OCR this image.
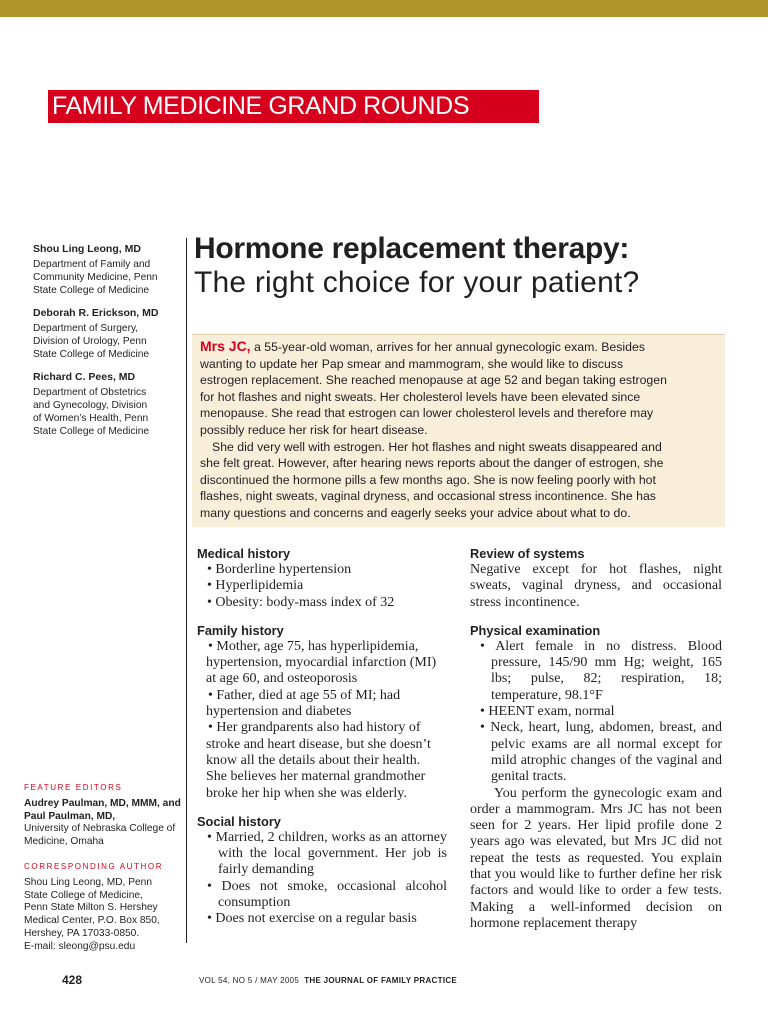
FAMILY MEDICINE GRAND ROUNDS
Shou Ling Leong, MD
Department of Family and
Community Medicine, Penn
State College of Medicine
Deborah R. Erickson, MD
Department of Surgery,
Division of Urology, Penn
State College of Medicine
Richard C. Pees, MD
Department of Obstetrics
and Gynecology, Division
of Women’s Health, Penn
State College of Medicine
Hormone replacement therapy:
The right choice for your patient?

Mrs JC, a 55-year-old woman, arrives for her annual gynecologic exam. Besides
wanting to update her Pap smear and mammogram, she would like to discuss
estrogen replacement. She reached menopause at age 52 and began taking estrogen
for hot flashes and night sweats. Her cholesterol levels have been elevated since
menopause. She read that estrogen can lower cholesterol levels and therefore may
possibly reduce her risk for heart disease.

She did very well with estrogen. Her hot flashes and night sweats disappeared and
she felt great. However, after hearing news reports about the danger of estrogen, she
discontinued the hormone pills a few months ago. She is now feeling poorly with hot
flashes, night sweats, vaginal dryness, and occasional stress incontinence. She has
many questions and concerns and eagerly seeks your advice about what to do.

Medical history
• Borderline hypertension
• Hyperlipidemia
• Obesity: body-mass index of 32
Family history
• Mother, age 75, has hyperlipidemia,
hypertension, myocardial infarction (MI)
at age 60, and osteoporosis
• Father, died at age 55 of MI; had
hypertension and diabetes
• Her grandparents also had history of
stroke and heart disease, but she doesn’t
know all the details about their health.
She believes her maternal grandmother
broke her hip when she was elderly.
Social history
• Married, 2 children, works as an attorney with the local government. Her job is fairly demanding
• Does not smoke, occasional alcohol consumption
• Does not exercise on a regular basis
Review of systems

Negative except for hot flashes, night sweats, vaginal dryness, and occasional stress incontinence.

Physical examination
• Alert female in no distress. Blood pressure, 145/90 mm Hg; weight, 165 lbs; pulse, 82; respiration, 18; temperature, 98.1°F
• HEENT exam, normal
• Neck, heart, lung, abdomen, breast, and pelvic exams are all normal except for mild atrophic changes of the vaginal and genital tracts.

You perform the gynecologic exam and order a mammogram. Mrs JC has not been seen for 2 years. Her lipid profile done 2 years ago was elevated, but Mrs JC did not repeat the tests as requested. You explain that you would like to further define her risk factors and would like to order a few tests. Making a well-informed decision on hormone replacement therapy

FEATURE EDITORS
Audrey Paulman, MD, MMM, and Paul Paulman, MD,
University of Nebraska College of Medicine, Omaha
CORRESPONDING AUTHOR
Shou Ling Leong, MD, Penn
State College of Medicine,
Penn State Milton S. Hershey
Medical Center, P.O. Box 850,
Hershey, PA 17033-0850.
E-mail: sleong@psu.edu
428	VOL 54, NO 5 / MAY 2005 THE JOURNAL OF FAMILY PRACTICE
